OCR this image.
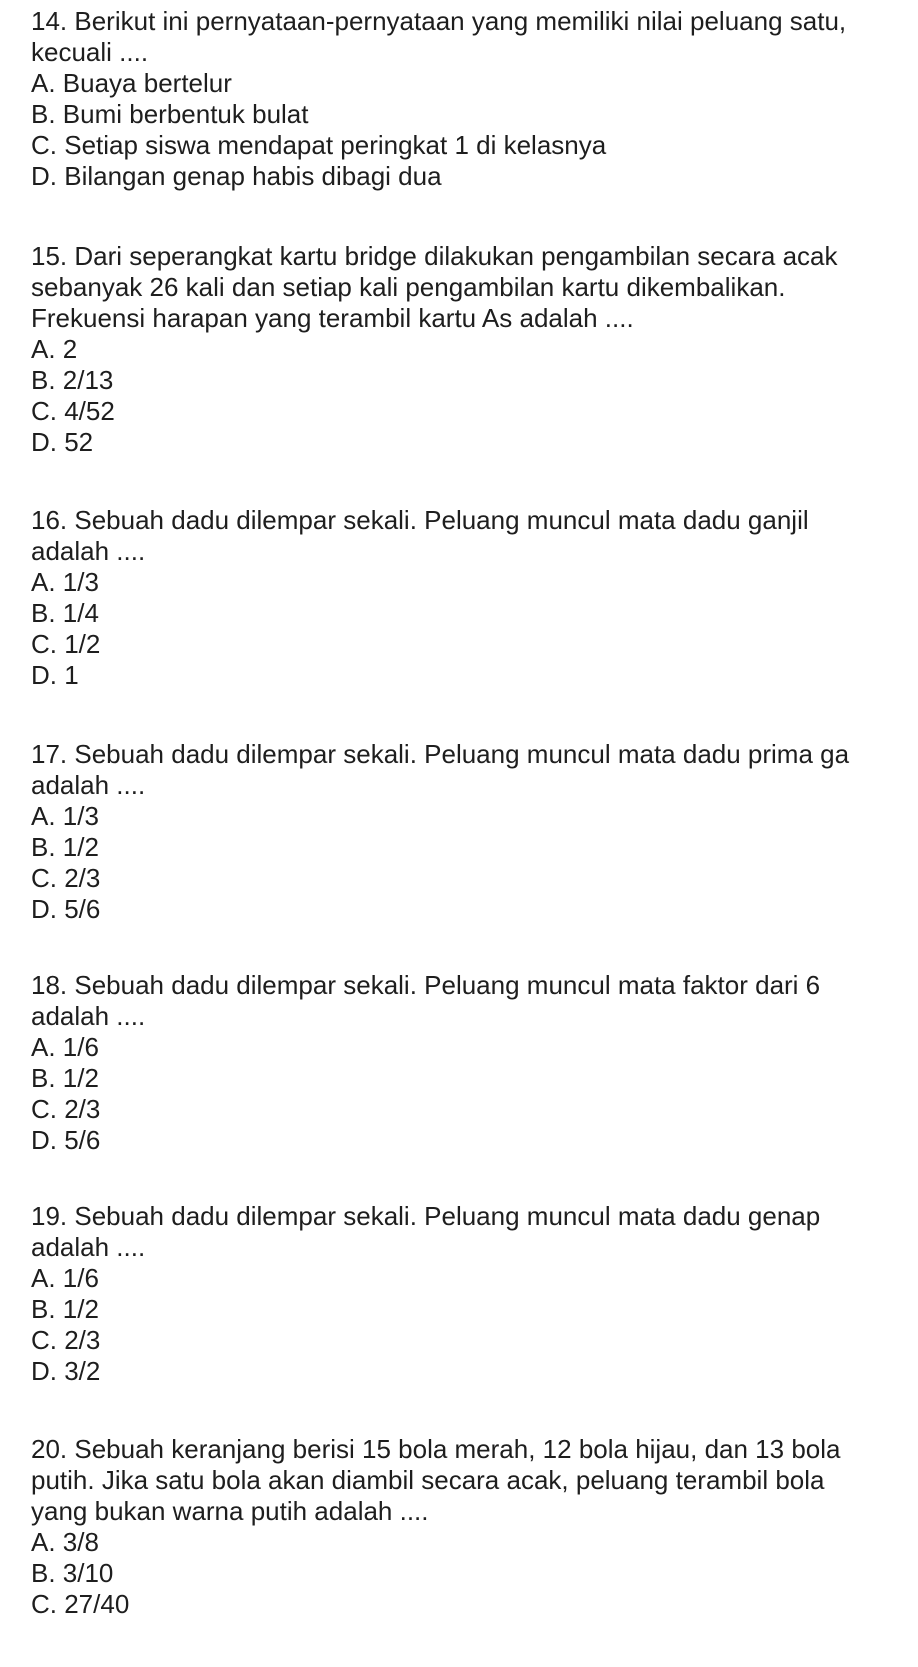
14. Berikut ini pernyataan-pernyataan yang memiliki nilai peluang satu,
kecuali ....
A. Buaya bertelur
B. Bumi berbentuk bulat
C. Setiap siswa mendapat peringkat 1 di kelasnya
D. Bilangan genap habis dibagi dua
15. Dari seperangkat kartu bridge dilakukan pengambilan secara acak
sebanyak 26 kali dan setiap kali pengambilan kartu dikembalikan.
Frekuensi harapan yang terambil kartu As adalah ....
A. 2
B. 2/13
C. 4/52
D. 52
16. Sebuah dadu dilempar sekali. Peluang muncul mata dadu ganjil
adalah ....
A. 1/3
B. 1/4
C. 1/2
D. 1
17. Sebuah dadu dilempar sekali. Peluang muncul mata dadu prima ga
adalah ....
A. 1/3
B. 1/2
C. 2/3
D. 5/6
18. Sebuah dadu dilempar sekali. Peluang muncul mata faktor dari 6
adalah ....
A. 1/6
B. 1/2
C. 2/3
D. 5/6
19. Sebuah dadu dilempar sekali. Peluang muncul mata dadu genap
adalah ....
A. 1/6
B. 1/2
C. 2/3
D. 3/2
20. Sebuah keranjang berisi 15 bola merah, 12 bola hijau, dan 13 bola
putih. Jika satu bola akan diambil secara acak, peluang terambil bola
yang bukan warna putih adalah ....
A. 3/8
B. 3/10
C. 27/40
